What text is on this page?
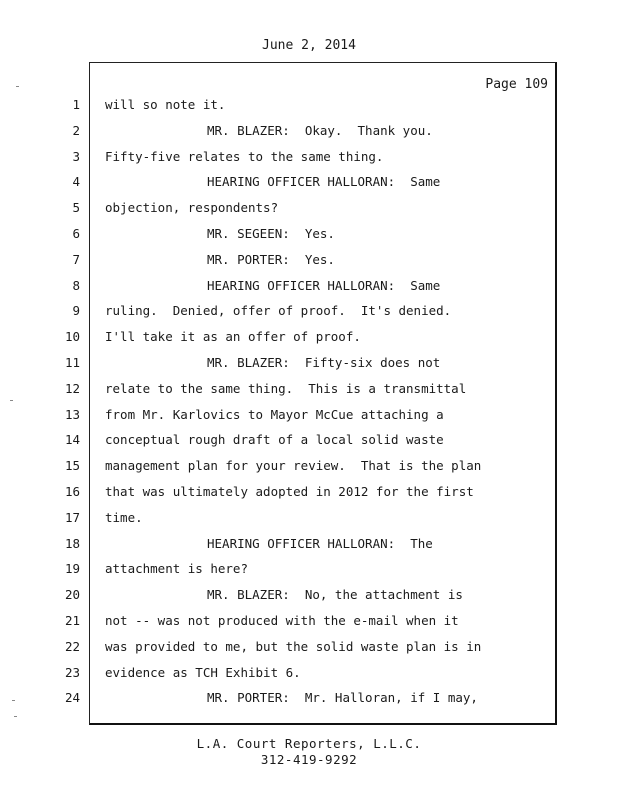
June 2, 2014
Page 109
1 will so note it.
2	MR. BLAZER:  Okay.  Thank you.
3 Fifty-five relates to the same thing.
4	HEARING OFFICER HALLORAN:  Same
5 objection, respondents?
6	MR. SEGEEN:  Yes.
7	MR. PORTER:  Yes.
8	HEARING OFFICER HALLORAN:  Same
9 ruling.  Denied, offer of proof.  It's denied.
10 I'll take it as an offer of proof.
11	MR. BLAZER:  Fifty-six does not
12 relate to the same thing.  This is a transmittal
13 from Mr. Karlovics to Mayor McCue attaching a
14 conceptual rough draft of a local solid waste
15 management plan for your review.  That is the plan
16 that was ultimately adopted in 2012 for the first
17 time.
18	HEARING OFFICER HALLORAN:  The
19 attachment is here?
20	MR. BLAZER:  No, the attachment is
21 not -- was not produced with the e-mail when it
22 was provided to me, but the solid waste plan is in
23 evidence as TCH Exhibit 6.
24	MR. PORTER:  Mr. Halloran, if I may,
L.A. Court Reporters, L.L.C.
312-419-9292
